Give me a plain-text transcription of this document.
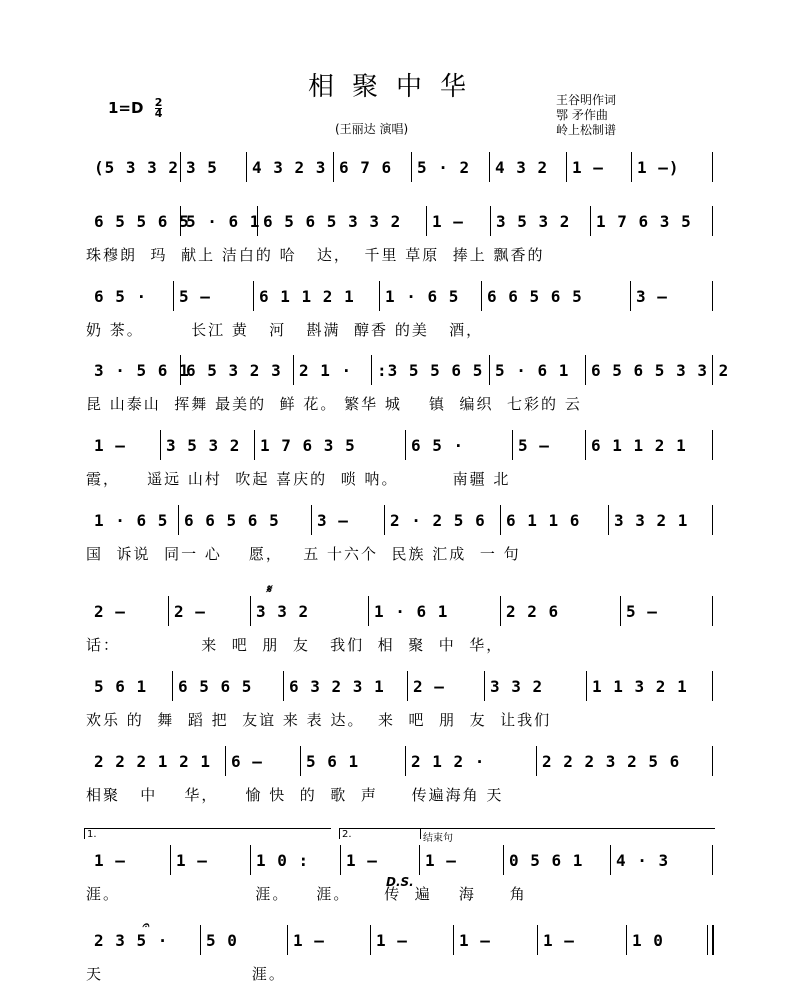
相聚中华
$1=D \frac{2}{4}$
(王丽达 演唱)
王谷明作词
鄂 矛作曲
岭上松制谱
(5 3 3 2 3 5 4 3 2 3 6 7 6 5 · 2 4 3 2 1 – 1 –)
6 5 5 6 5
5 · 6 1 6 5 6 5 3 3 2 1 – 3 5 3 2 1 7 6 3 5
珠穆朗  玛  献上 洁白的 哈   达，  千里 草原  捧上 飘香的
6 5 · 5 –	6 1 1 2 1 1 · 6 5 6 6 5 6 5	3 –
奶 茶。       长江 黄   河   斟满  醇香 的美   酒，
3 · 5 6 1
6 5 3 2 3 2 1 · :3 5 5 6 5 5 · 6 1 6 5 6 5 3 3 2
昆 山泰山  挥舞 最美的  鲜 花。 繁华 城    镇  编织  七彩的 云
1 –	3 5 3 2 1 7 6 3 5	6 5 ·	5 –	6 1 1 2 1
霞，    遥远 山村  吹起 喜庆的  唢 呐。        南疆 北
1 · 6 5 6 6 5 6 5 3 –	2 · 2 5 6 6 1 1 6 3 3 2 1
国  诉说  同一 心    愿，   五 十六个  民族 汇成  一 句
2 –	2 –	3 3 2	1 · 6 1	2 2 6	5 –
话：            来  吧  朋  友   我们  相  聚  中  华，
5 6 1 6 5 6 5 6 3 2 3 1 2 –	3 3 2	1 1 3 2 1
欢乐 的  舞  蹈 把  友谊 来 表 达。  来  吧  朋  友  让我们
2 2 2 1 2 1 6 –	5 6 1	2 1 2 ·	2 2 2 3 2 5 6
相聚   中    华，    愉 快  的  歌  声     传遍海角 天
1 –	1 –	1 0 : 1 –	1 –	0 5 6 1 4 · 3
涯。                    涯。    涯。     传  遍    海     角
2 3 5 · 5 0	1 –	1 –	1 –	1 –	1 0
天                      涯。
𝄋
D.S.
𝄐
1.	2.	结束句
